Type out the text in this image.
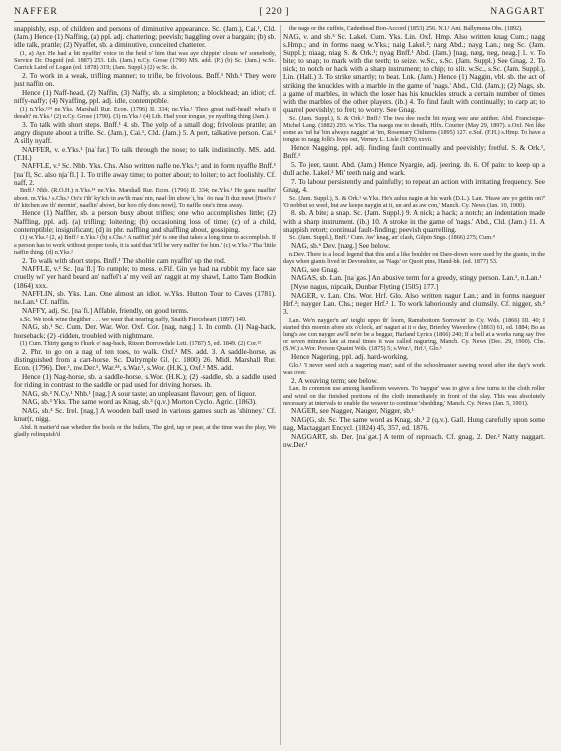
NAFFER	[ 220 ]	NAGGART

snappishly, esp. of children and persons of diminutive appearance. Sc. (Jam.), Cai.¹, Cld. (Jam.) Hence (1) Naffing, (a) ppl. adj. chattering; peevish; haggling over a bargain; (b) sb. idle talk, prattle; (2) Nyaffet, sb. a diminutive, conceited chatterer.

(1, a) Ayr. He had a bit nyaffin' voice in the heid o' him that was aye chippin' clouts wi' somebody, Service Dr. Duguid (ed. 1887) 253. Lth. (Jam.) n.Cy. Grose (1790) MS. add. (P.) (b) Sc. (Jam.) w.Sc. Carrick Laird of Logan (ed. 1878) 319; (Jam. Suppl.) (2) w.Sc. ib.

2. To work in a weak, trifling manner; to trifle, be frivolous. Bnff.¹ Nhb.¹ They were just naffin on.

Hence (1) Naff-head, (2) Naffin, (3) Naffy, sb. a simpleton; a blockhead; an idiot; cf. niffy-naffy; (4) Nyaffing, ppl. adj. idle, contemptible.

(1) n.Yks.¹²⁴ ne.Yks. Marshall Rur. Econ. (1796) II. 334; ne.Yks.¹ Thoo great naff-head! what's ti deeah? m.Yks.¹ (2) n.Cy. Grose (1790). (3) m.Yks.¹ (4) Lth. Had your tongue, ye nyaffing thing (Jam.).

3. To talk with short steps. Bnff.¹ 4. sb. The yelp of a small dog; frivolous prattle; an angry dispute about a trifle. Sc. (Jam.), Cai.¹, Cld. (Jam.) 5. A pert, talkative person. Cai.¹ A silly nyaff.

NAFFER, v. e.Yks.¹ [naˈfər.] To talk through the nose; to talk indistinctly. MS. add. (T.H.)

NAFFLE, v.¹ Sc. Nhb. Yks. Chs. Also written nafle ne.Yks.¹; and in form nyaffle Bnff.¹ [naˈfl, Sc. also njaˈfl.] 1. To trifle away time; to potter about; to loiter; to act foolishly. Cf. naff, 2.

Bnff.¹ Nhb. (R.O.H.) n.Yks.¹⁴ ne.Yks. Marshall Rur. Econ. (1796) II. 334; ne.Yks.¹ He gans naaflin' aboot. m.Yks.¹ s.Chs.¹ Oo'z i'th' ky'ich·in aw'th mauˈnin, naaf·lin ubowˈt, buˈ öo naaˈfi duz nuwt [Hoo's i' th' kitchen aw th' mornin', naaflin' abowt, bur hoo rily does nowt]. To naffle one's time away.

Hence (1) Naffler, sb. a person busy about trifles; one who accomplishes little; (2) Naffling, ppl. adj. (a) trifling; loitering; (b) occasioning loss of time; (c) of a child, contemptible; insignificant; (d) in phr. naffling and shaffling about, gossiping.

(1) w.Yks.² (2, a) Bnff.¹ n.Yks.² (b) s.Chs.¹ A naffiin' job' is one that takes a long time to accomplish. If a person has to work without proper tools, it is said that 'it'll be very naffin' for him.' (c) w.Yks.² Tha 'little naffin thing. (d) n.Yks.²

2. To walk with short steps. Bnff.¹ The sholtie cam nyaffin' up the rod.

NAFFLE, v.² Sc. [naˈfl.] To rumple; to mess. e.Fif. Gin ye had na rubbit my face sae cruelly wi' yer hard beard an' naffel't a' my veil an' raggit at my shawl, Latto Tam Bodkin (1864) xxx.

NAFFLIN, sb. Yks. Lan. One almost an idiot. w.Yks. Hutton Tour to Caves (1781). ne.Lan.¹ Cf. naffin.

NAFFY, adj. Sc. [naˈfi.] Affable, friendly, on good terms.

s.Sc. We took wine thegither . . . we waur that nearing naffy, Snaith Fierceheart (1897) 149.

NAG, sb.¹ Sc. Cum. Der. War. Wor. Oxf. Cor. [nag, næg.] 1. In comb. (1) Nag-back, horseback; (2) -ridden, troubled with nightmare.

(1) Cum. Thirty gang to t'kurk o' nag-back, Ritson Borrowdale Lett. (1787) 5, ed. 1849. (2) Cor.¹²

2. Phr. to go on a nag of ten toes, to walk. Oxf.¹ MS. add. 3. A saddle-horse, as distinguished from a cart-horse. Sc. Dalrymple Gl. (c. 1800) 26. Midl. Marshall Rur. Econ. (1796). Der.¹, nw.Der.¹, War.²⁴, s.War.¹, s.Wor. (H.K.), Oxf.¹ MS. add.

Hence (1) Nag-horse, sb. a saddle-horse. s.Wor. (H.K.); (2) -saddle, sb. a saddle used for riding in contrast to the saddle or pad used for driving horses. ib.

NAG, sb.² N.Cy.¹ Nhb.¹ [nag.] A sour taste; an unpleasant flavour; gen. of liquor.

NAG, sb.³ Yks. The same word as Knag, sb.³ (q.v.) Morton Cyclo. Agric. (1863).

NAG, sb.⁴ Sc. Irel. [nag.] A wooden ball used in various games such as 'shinney.' Cf. knur(r, nigg.

Abd. It matter'd nae whether the bools or the bullets, The gird, tap or pear, at the time was the play, We gladly relinquish'd

the nags or the cuffets, Cadenhead Bon-Accord (1853) 256. N.I.¹ Ant. Ballymena Obs. (1892).

NAG, v. and sb.⁵ Sc. Lakel. Cum. Yks. Lin. Oxf. Hmp. Also written knag Cum.; nagg s.Hmp.; and in forms naeg w.Yks.; naig Lakel.²; narg Abd.; nayg Lan.; neg Sc. (Jam. Suppl.); niaag, niag S. & Ork.¹; nyag Bnff.¹ Abd. (Jam.) [nag, næg, neg, neag.] 1. v. To bite; to snap; to mark with the teeth; to seize. w.Sc., s.Sc. (Jam. Suppl.) See Gnag. 2. To nick; to notch or hack with a sharp instrument; to chip; to slit. w.Sc., s.Sc. (Jam. Suppl.), Lin. (Hall.) 3. To strike smartly; to beat. Lnk. (Jam.) Hence (1) Naggin, vbl. sb. the act of striking the knuckles with a marble in the game of 'nags.' Abd., Cld. (Jam.); (2) Nags, sb. a game of marbles, in which the loser has his knuckles struck a certain number of times with the marbles of the other players. (ib.) 4. To find fault with continually; to carp at; to quarrel peevishly; to fret; to worry. See Gnag.

Sc. (Jam. Suppl.), S. & Ork.¹ Bnff.¹ The twa dee nocht bit nyarg wee ane anither. Abd. Francisque-Michel Lang. (1882) 293. w.Yks. Tha naegs me to deeath, Hlfx. Courier (May 29, 1897). s.Oxf. Not like some as 'ud ha' bin always naggin' at 'im, Rosemary Chilterns (1895) 127. e.Suf. (F.H.) s.Hmp. To have a tongue to nagg folk's lives out, Verney L. Lisle (1870) xxvii.

Hence Nagging, ppl. adj. finding fault continually and peevishly; fretful. S. & Ork.¹, Bnff.¹

5. To jeer, taunt. Abd. (Jam.) Hence Nyargie, adj. jeering. ib. 6. Of pain: to keep up a dull ache. Lakel.² Mi' teeth naig and wark.

7. To labour persistently and painfully; to repeat an action with irritating frequency. See Gnag, 4.

Sc. (Jam. Suppl.), S. & Ork.¹ w.Yks. He's aulus nagin at his wark (D.L.). Lan. 'Heaw are yo gettin on?' 'O nobbut so weel, but aw keeps naygin at it, un ard as aw con,' Manch. Cy. News (Jan. 10, 1900).

8. sb. A bite; a snap. Sc. (Jam. Suppl.) 9. A nick; a hack; a notch; an indentation made with a sharp instrument. (ib.) 10. A stroke in the game of 'nags.' Abd., Cld. (Jam.) 11. A snappish retort; continual fault-finding; peevish quarrelling.

Sc. (Jam. Suppl.), Bnff.¹ Cum. Aw' knag, an' clash, Gilpin Sngs. (1866) 275; Cum.⁴

NAG, sb.⁶ Dev. [næg.] See below.

n.Dev. There is a local legend that this and a like boulder on Dare-down were used by the giants, in the days when giants lived in Devonshire, as 'Nags' or Quoit pins, Hand-bk. (ed. 1877) 53.

NAG, see Gnag.

NAGAS, sb. Lan. [naˈgəs.] An abusive term for a greedy, stingy person. Lan.¹, n.Lan.¹

[Nyse nagus, nipcaik, Dunbar Flyting (1505) 177.]

NAGER, v. Lan. Chs. Wor. Hrf. Glo. Also written nagur Lan.; and in forms naeguer Hrf.²; nayger Lan. Chs.; neger Hrf.² 1. To work laboriously and clumsily. Cf. nigger, sb.² 3.

Lan. We'n nayger'n an' teighi uppo th' loom, Ramsbottom Sorrowin' in Cy. Wds. (1866) III. 40; I started this mornin afore six o'clock, an' nagurt at it o day, Brierley Waverlow (1863) 61, ed. 1884; Bo as lung's aw con nayger aw'll ne'er be a beggar, Harland Lyrics (1866) 240; If a bell at a works rang say five or seven minutes late at meal times it was called naguring, Manch. Cy. News (Dec. 29, 1900). Chs. (S.W.) s.Wor. Porson Quaint Wds. (1875) 5; s.Wor.¹, Hrf.², Glo.¹

Hence Nagering, ppl. adj. hard-working.

Glo.¹ 'I never seed sich a nagering man'; said of the schoolmaster sawing wood after the day's work was over.

2. A weaving term; see below.

Lan. In common use among handloom weavers. To 'naygur' was to give a few turns to the cloth roller and wind on the finished portions of the cloth immediately in front of the slay. This was absolutely necessary at intervals to enable the weaver to continue 'shedding,' Manch. Cy. News (Jan. 5, 1901).

NAGER, see Nagger, Nauger, Nigger, sb.¹

NAG(G, sb. Sc. The same word as Knag, sb.¹ 2 (q.v.). Gall. Hung carefully upon some nag, Mactaggart Encycl. (1824) 45, 357, ed. 1876.

NAGGART, sb. Der. [naˈgət.] A term of reproach. Cf. gnag, 2. Der.² Natty naggart. nw.Der.¹
